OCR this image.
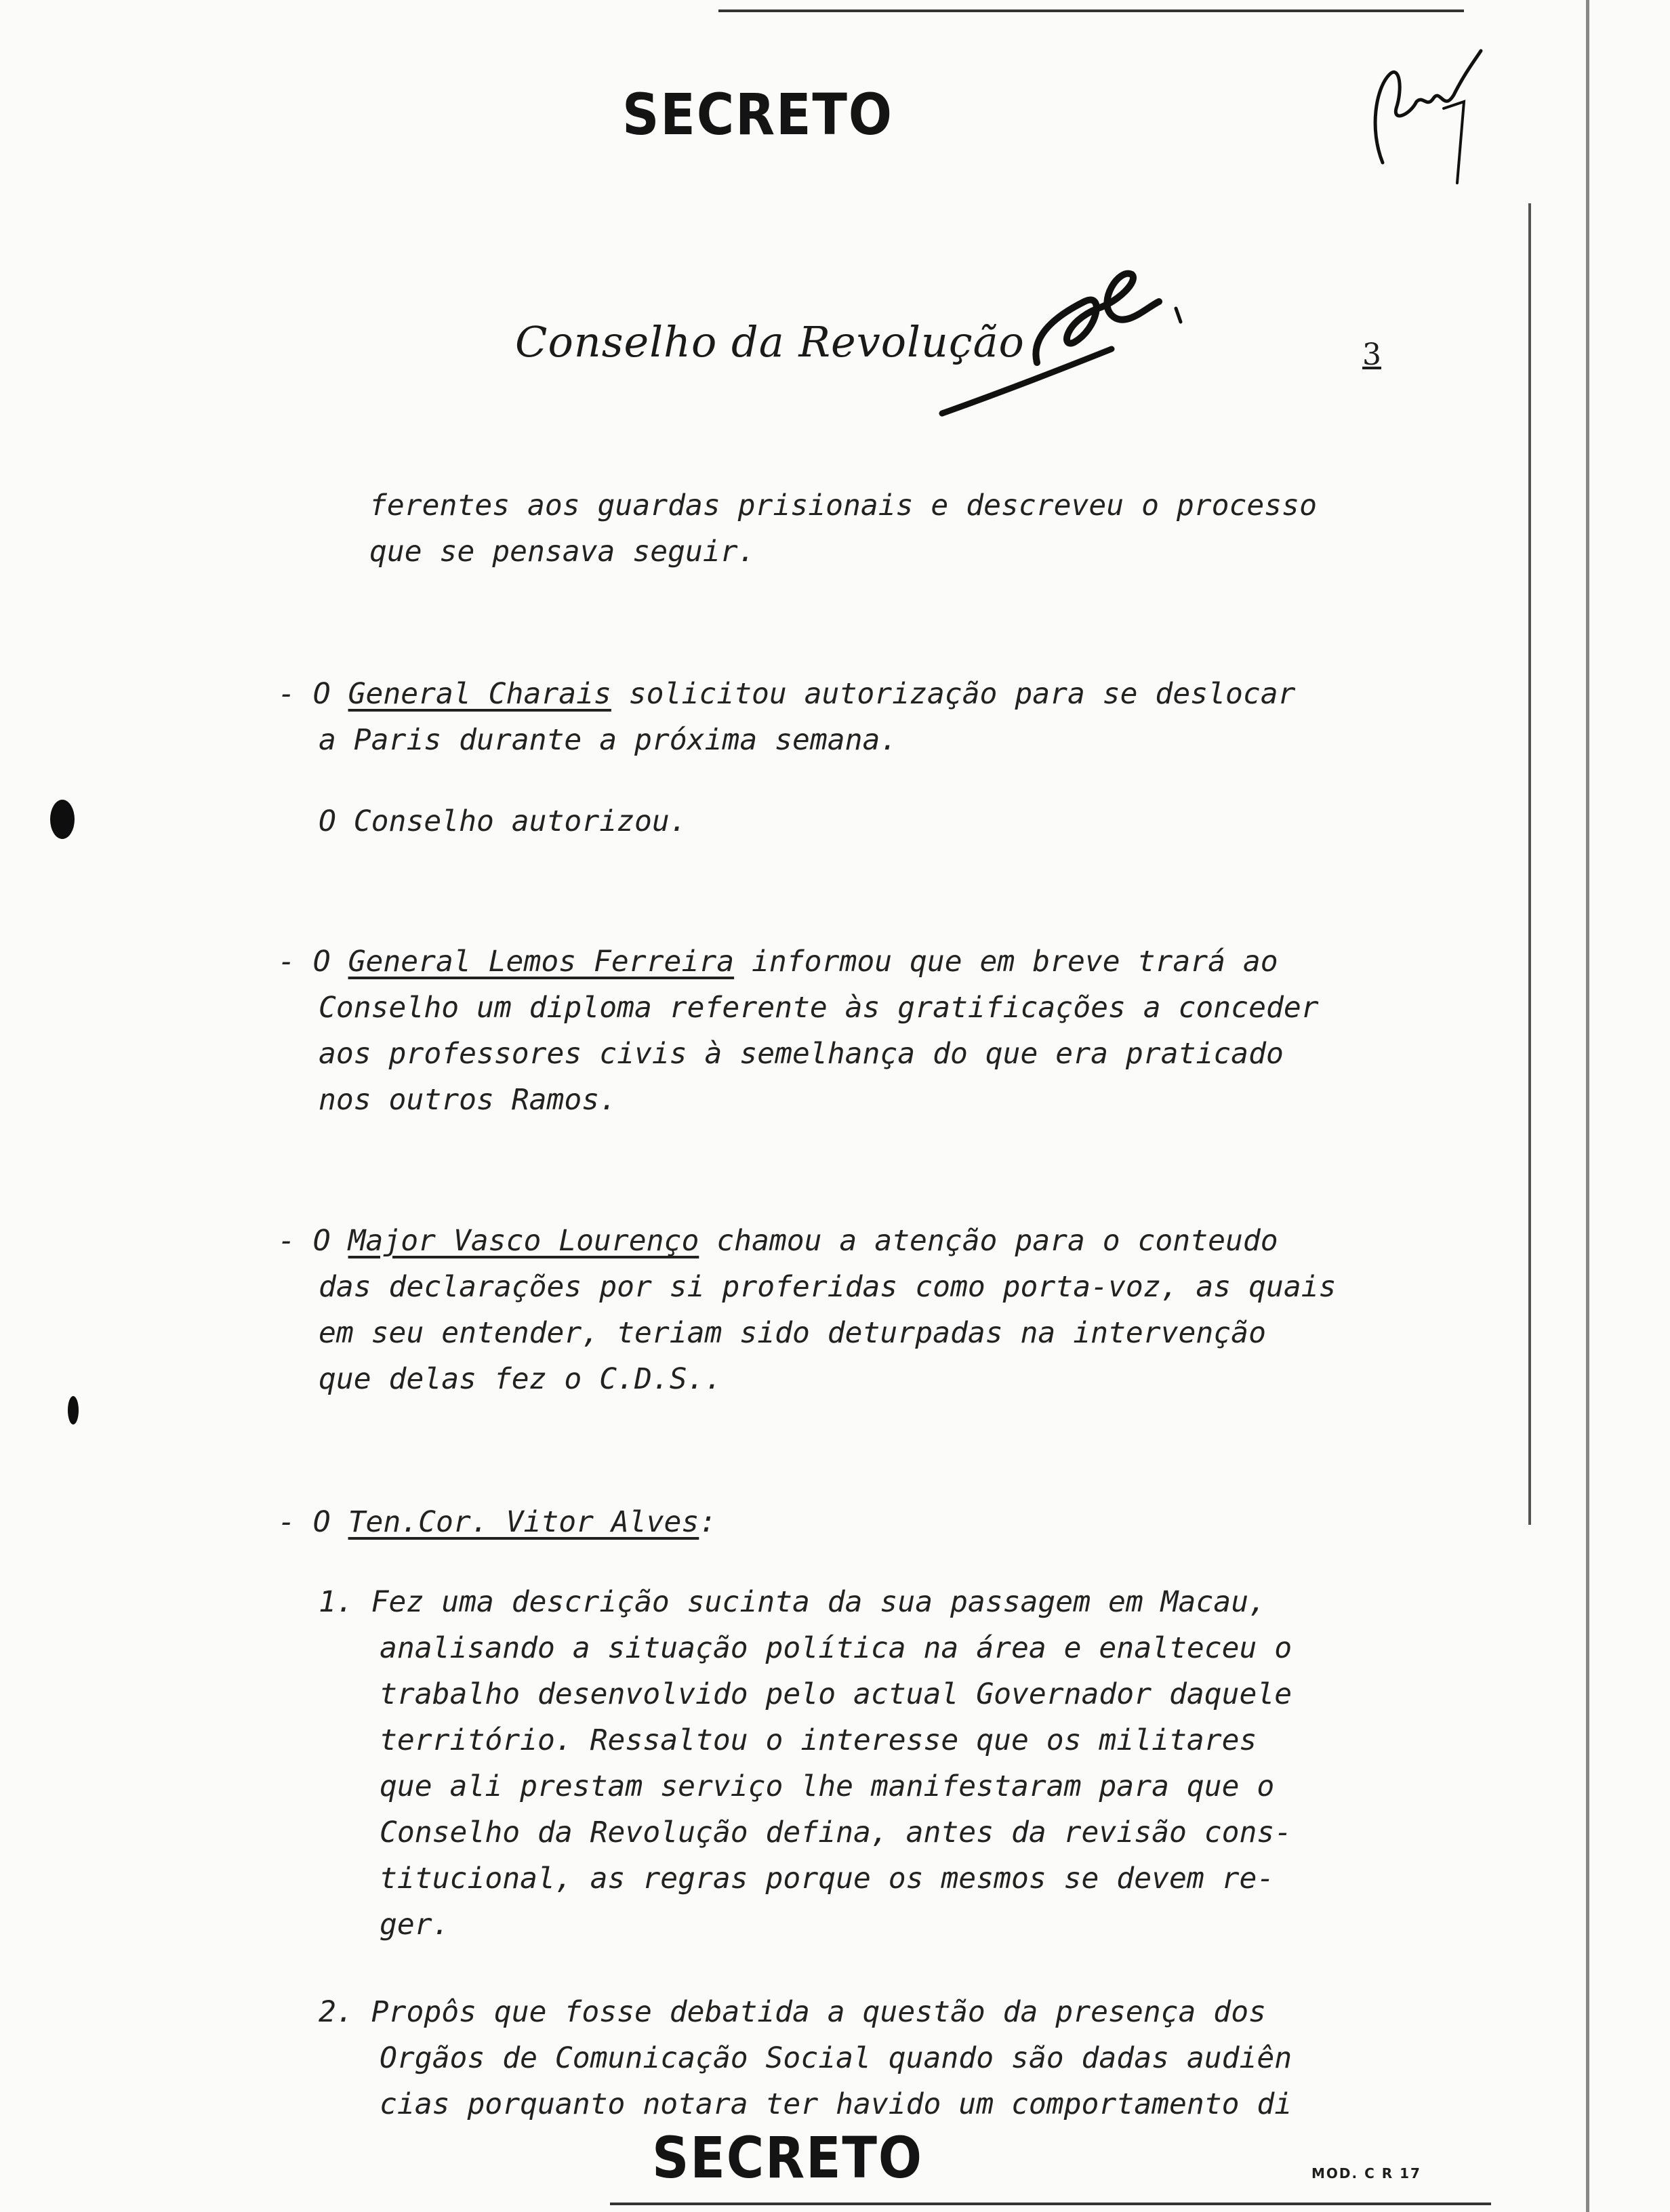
SECRETO
Conselho da Revolução	3
ferentes aos guardas prisionais e descreveu o processo
que se pensava seguir.
- O General Charais solicitou autorização para se deslocar
a Paris durante a próxima semana.
O Conselho autorizou.
- O General Lemos Ferreira informou que em breve trará ao
Conselho um diploma referente às gratificações a conceder
aos professores civis à semelhança do que era praticado
nos outros Ramos.
- O Major Vasco Lourenço chamou a atenção para o conteudo
das declarações por si proferidas como porta-voz, as quais
em seu entender, teriam sido deturpadas na intervenção
que delas fez o C.D.S..
- O Ten.Cor. Vitor Alves:
1. Fez uma descrição sucinta da sua passagem em Macau,
analisando a situação política na área e enalteceu o
trabalho desenvolvido pelo actual Governador daquele
território. Ressaltou o interesse que os militares
que ali prestam serviço lhe manifestaram para que o
Conselho da Revolução defina, antes da revisão cons-
titucional, as regras porque os mesmos se devem re-
ger.
2. Propôs que fosse debatida a questão da presença dos
Orgãos de Comunicação Social quando são dadas audiên
cias porquanto notara ter havido um comportamento di
SECRETO	MOD. C R 17
